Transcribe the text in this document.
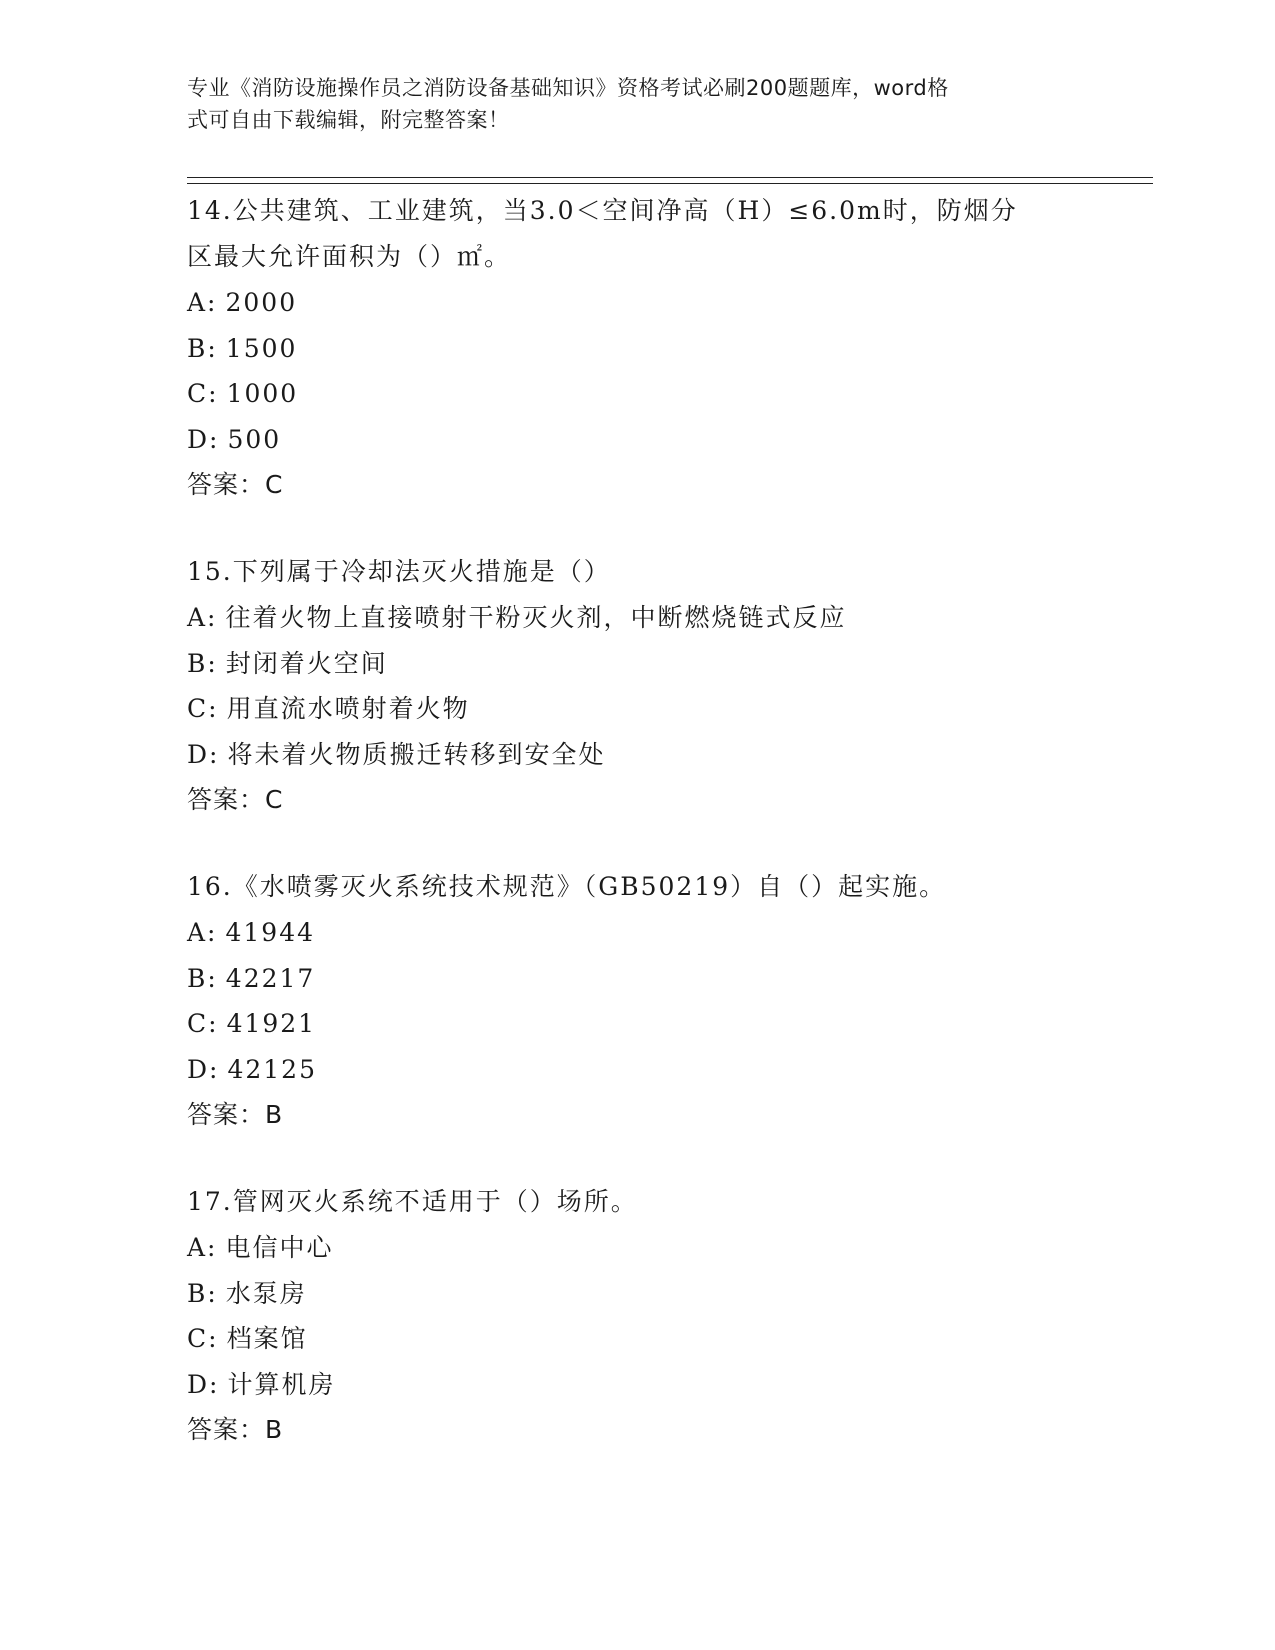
专业《消防设施操作员之消防设备基础知识》资格考试必刷200题题库，word格
式可自由下载编辑，附完整答案！
14.公共建筑、工业建筑，当3.0＜空间净高（H）≤6.0m时，防烟分
区最大允许面积为（）㎡。
A: 2000
B: 1500
C: 1000
D: 500
答案：C
15.下列属于冷却法灭火措施是（）
A: 往着火物上直接喷射干粉灭火剂，中断燃烧链式反应
B: 封闭着火空间
C: 用直流水喷射着火物
D: 将未着火物质搬迁转移到安全处
答案：C
16.《水喷雾灭火系统技术规范》（GB50219）自（）起实施。
A: 41944
B: 42217
C: 41921
D: 42125
答案：B
17.管网灭火系统不适用于（）场所。
A: 电信中心
B: 水泵房
C: 档案馆
D: 计算机房
答案：B
